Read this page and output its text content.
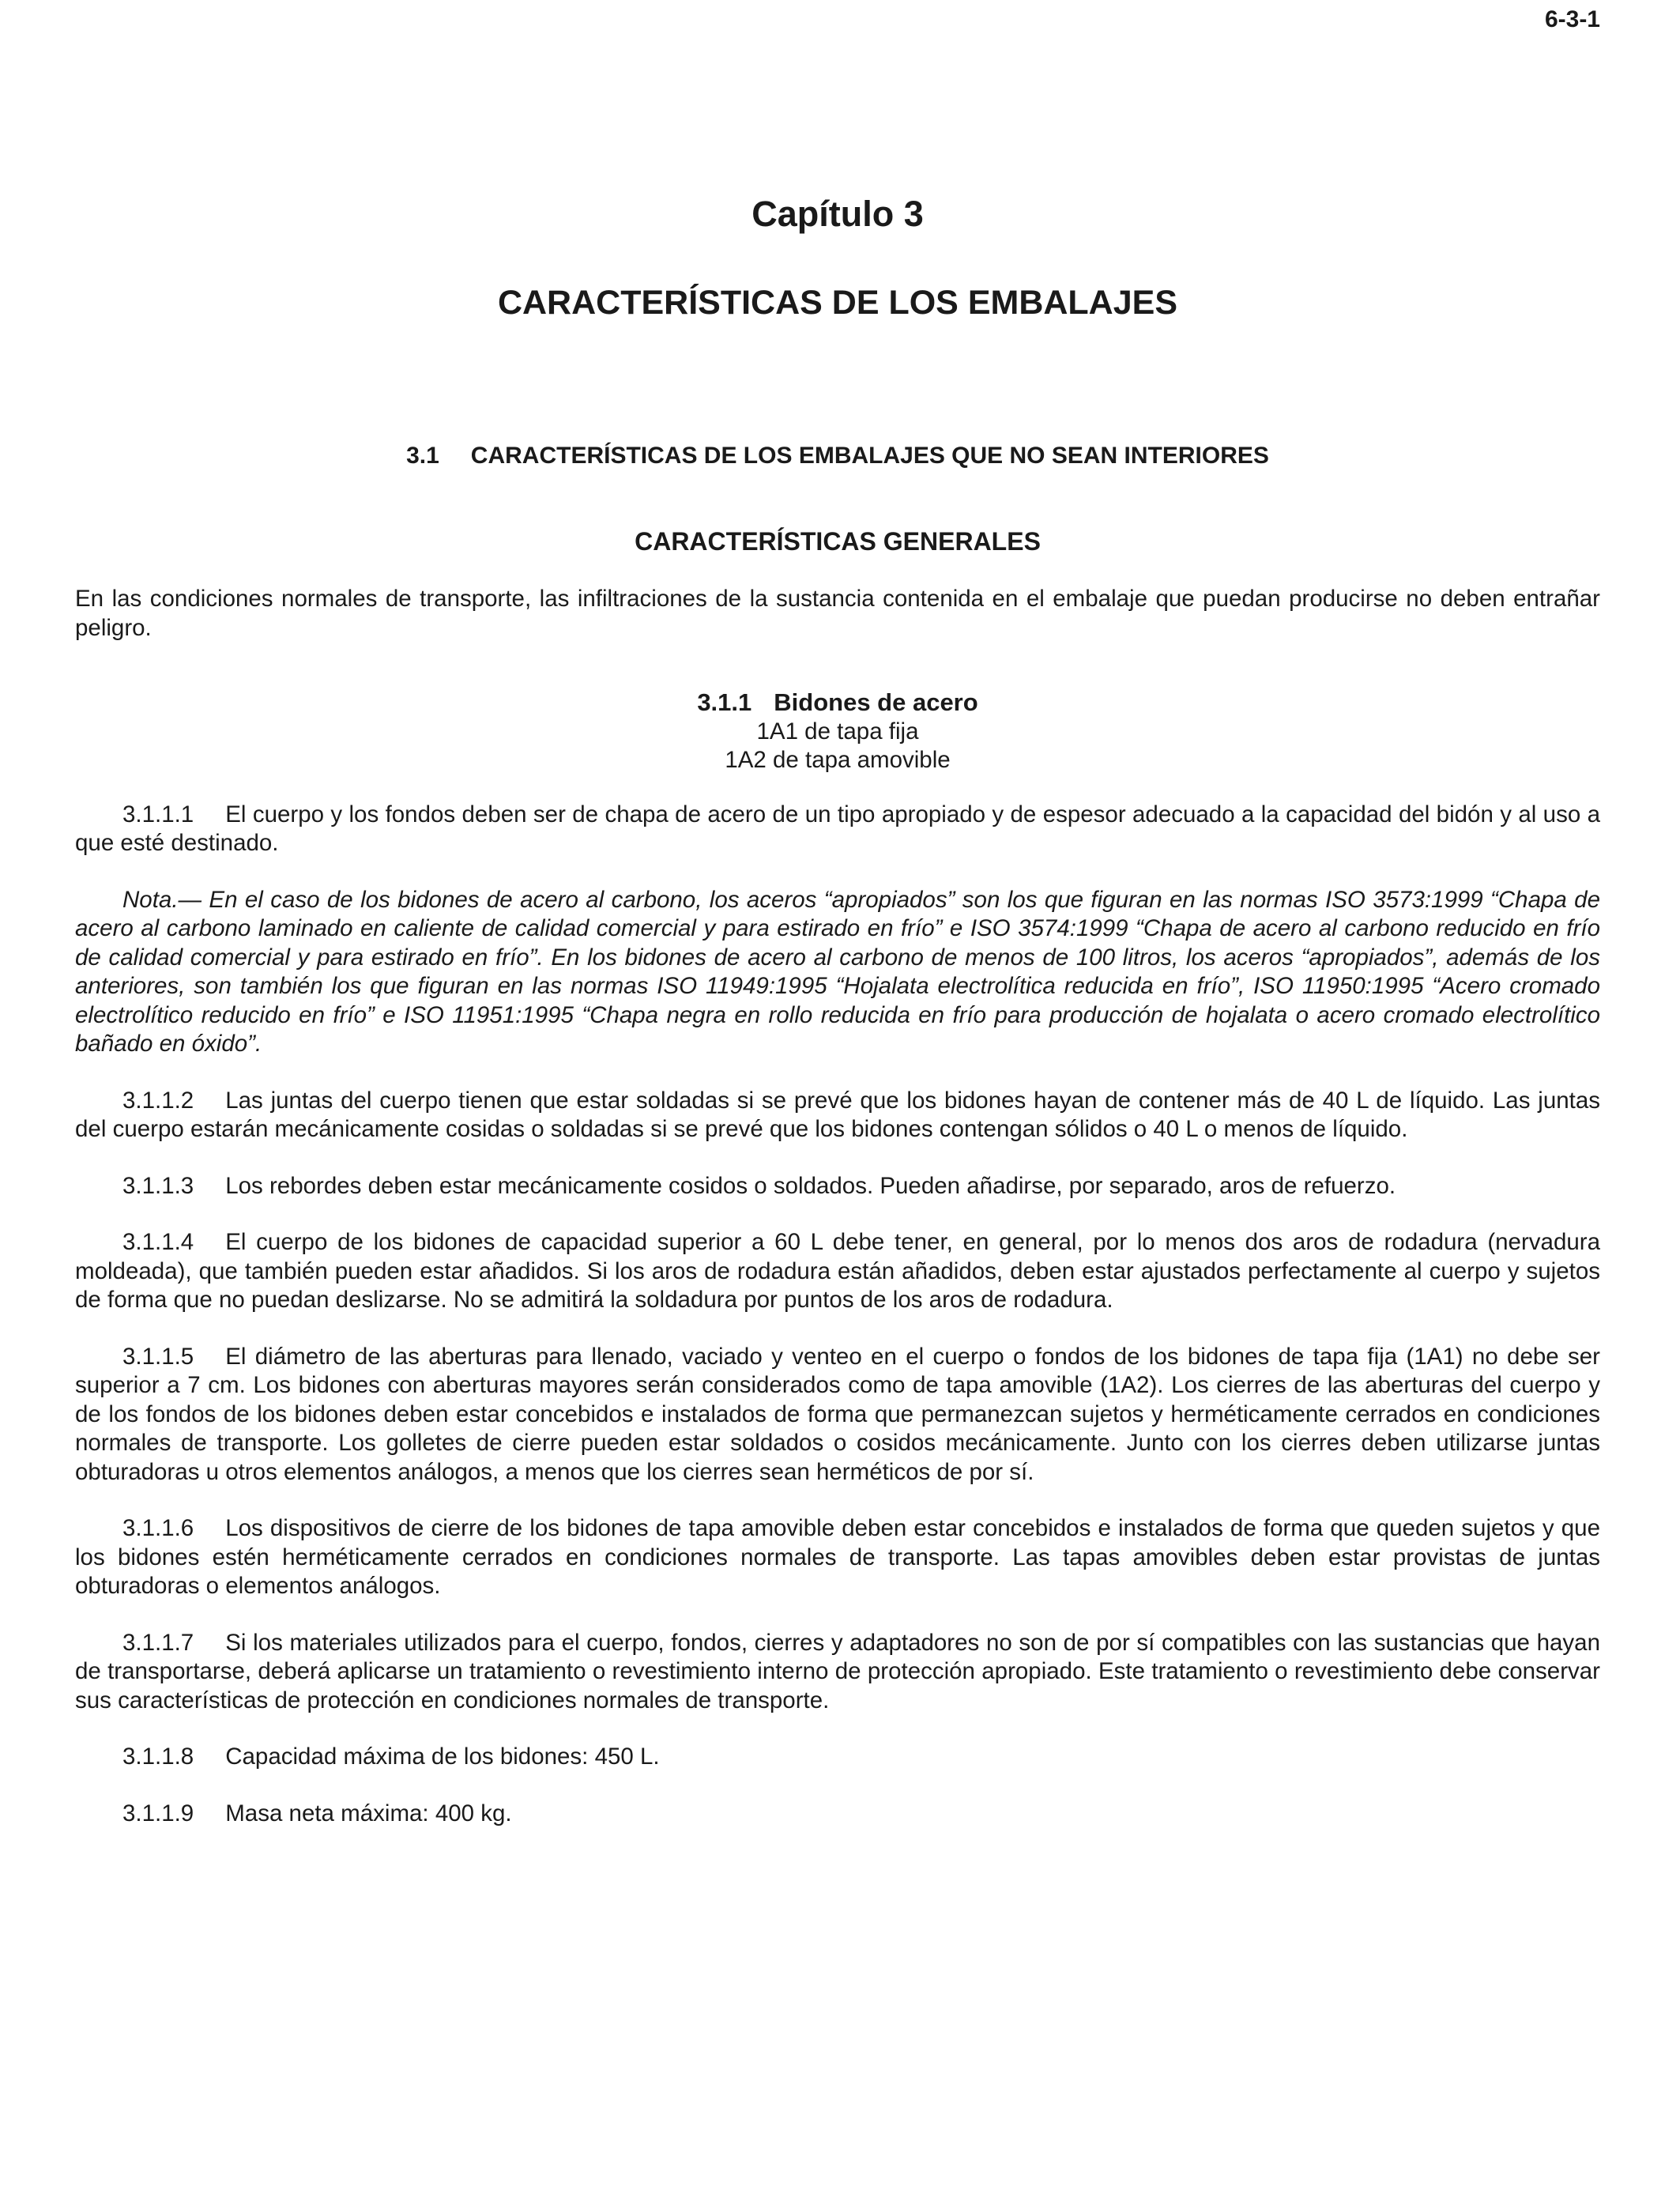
6-3-1

Capítulo 3
CARACTERÍSTICAS DE LOS EMBALAJES
3.1 CARACTERÍSTICAS DE LOS EMBALAJES QUE NO SEAN INTERIORES
CARACTERÍSTICAS GENERALES

En las condiciones normales de transporte, las infiltraciones de la sustancia contenida en el embalaje que puedan producirse no deben entrañar peligro.

3.1.1 Bidones de acero

1A1 de tapa fija

1A2 de tapa amovible

3.1.1.1 El cuerpo y los fondos deben ser de chapa de acero de un tipo apropiado y de espesor adecuado a la capacidad del bidón y al uso a que esté destinado.

Nota.— En el caso de los bidones de acero al carbono, los aceros “apropiados” son los que figuran en las normas ISO 3573:1999 “Chapa de acero al carbono laminado en caliente de calidad comercial y para estirado en frío” e ISO 3574:1999 “Chapa de acero al carbono reducido en frío de calidad comercial y para estirado en frío”. En los bidones de acero al carbono de menos de 100 litros, los aceros “apropiados”, además de los anteriores, son también los que figuran en las normas ISO 11949:1995 “Hojalata electrolítica reducida en frío”, ISO 11950:1995 “Acero cromado electrolítico reducido en frío” e ISO 11951:1995 “Chapa negra en rollo reducida en frío para producción de hojalata o acero cromado electrolítico bañado en óxido”.

3.1.1.2 Las juntas del cuerpo tienen que estar soldadas si se prevé que los bidones hayan de contener más de 40 L de líquido. Las juntas del cuerpo estarán mecánicamente cosidas o soldadas si se prevé que los bidones contengan sólidos o 40 L o menos de líquido.

3.1.1.3 Los rebordes deben estar mecánicamente cosidos o soldados. Pueden añadirse, por separado, aros de refuerzo.

3.1.1.4 El cuerpo de los bidones de capacidad superior a 60 L debe tener, en general, por lo menos dos aros de rodadura (nervadura moldeada), que también pueden estar añadidos. Si los aros de rodadura están añadidos, deben estar ajustados perfectamente al cuerpo y sujetos de forma que no puedan deslizarse. No se admitirá la soldadura por puntos de los aros de rodadura.

3.1.1.5 El diámetro de las aberturas para llenado, vaciado y venteo en el cuerpo o fondos de los bidones de tapa fija (1A1) no debe ser superior a 7 cm. Los bidones con aberturas mayores serán considerados como de tapa amovible (1A2). Los cierres de las aberturas del cuerpo y de los fondos de los bidones deben estar concebidos e instalados de forma que permanezcan sujetos y herméticamente cerrados en condiciones normales de transporte. Los golletes de cierre pueden estar soldados o cosidos mecánicamente. Junto con los cierres deben utilizarse juntas obturadoras u otros elementos análogos, a menos que los cierres sean herméticos de por sí.

3.1.1.6 Los dispositivos de cierre de los bidones de tapa amovible deben estar concebidos e instalados de forma que queden sujetos y que los bidones estén herméticamente cerrados en condiciones normales de transporte. Las tapas amovibles deben estar provistas de juntas obturadoras o elementos análogos.

3.1.1.7 Si los materiales utilizados para el cuerpo, fondos, cierres y adaptadores no son de por sí compatibles con las sustancias que hayan de transportarse, deberá aplicarse un tratamiento o revestimiento interno de protección apropiado. Este tratamiento o revestimiento debe conservar sus características de protección en condiciones normales de transporte.

3.1.1.8 Capacidad máxima de los bidones: 450 L.

3.1.1.9 Masa neta máxima: 400 kg.
